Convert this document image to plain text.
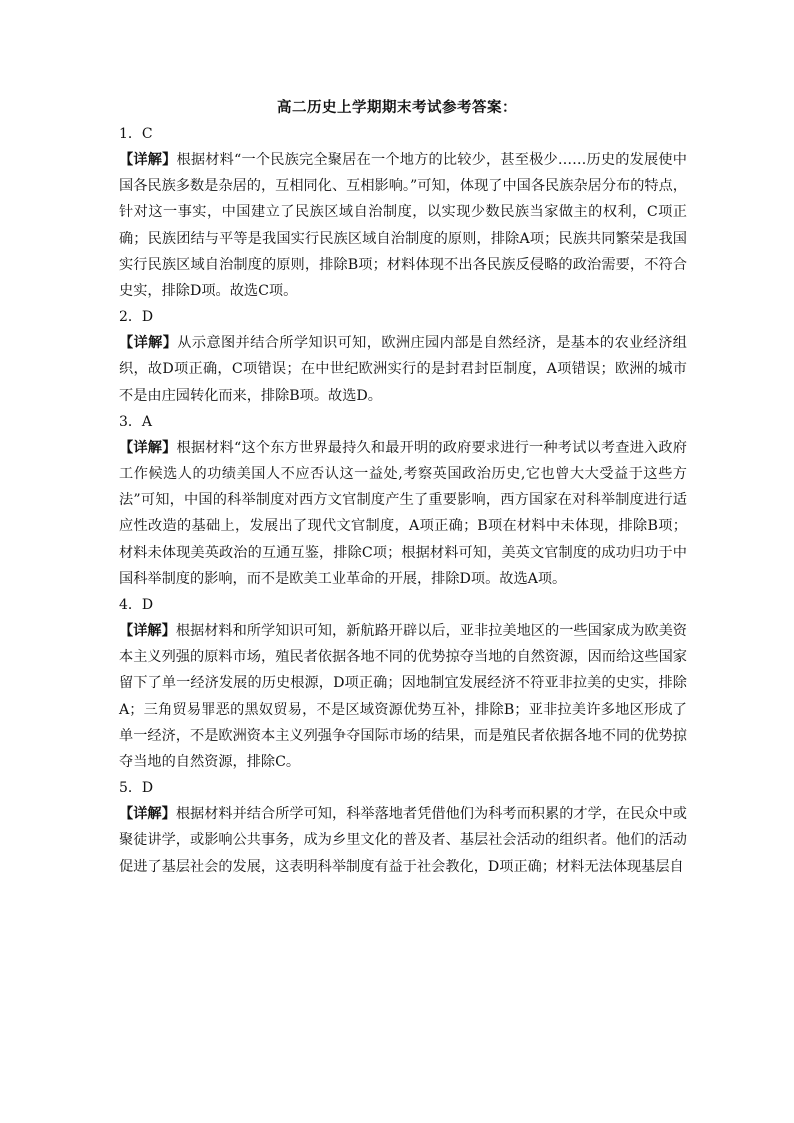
高二历史上学期期末考试参考答案：
1．C
【详解】根据材料“一个民族完全聚居在一个地方的比较少，甚至极少……历史的发展使中国各民族多数是杂居的，互相同化、互相影响。”可知，体现了中国各民族杂居分布的特点，针对这一事实，中国建立了民族区域自治制度，以实现少数民族当家做主的权利，C项正确；民族团结与平等是我国实行民族区域自治制度的原则，排除A项；民族共同繁荣是我国实行民族区域自治制度的原则，排除B项；材料体现不出各民族反侵略的政治需要，不符合史实，排除D项。故选C项。
2．D
【详解】从示意图并结合所学知识可知，欧洲庄园内部是自然经济，是基本的农业经济组织，故D项正确，C项错误；在中世纪欧洲实行的是封君封臣制度，A项错误；欧洲的城市不是由庄园转化而来，排除B项。故选D。
3．A
【详解】根据材料“这个东方世界最持久和最开明的政府要求进行一种考试以考查进入政府工作候选人的功绩美国人不应否认这一益处,考察英国政治历史,它也曾大大受益于这些方法”可知，中国的科举制度对西方文官制度产生了重要影响，西方国家在对科举制度进行适应性改造的基础上，发展出了现代文官制度，A项正确；B项在材料中未体现，排除B项；材料未体现美英政治的互通互鉴，排除C项；根据材料可知，美英文官制度的成功归功于中国科举制度的影响，而不是欧美工业革命的开展，排除D项。故选A项。
4．D
【详解】根据材料和所学知识可知，新航路开辟以后，亚非拉美地区的一些国家成为欧美资本主义列强的原料市场，殖民者依据各地不同的优势掠夺当地的自然资源，因而给这些国家留下了单一经济发展的历史根源，D项正确；因地制宜发展经济不符亚非拉美的史实，排除A；三角贸易罪恶的黑奴贸易，不是区域资源优势互补，排除B；亚非拉美许多地区形成了单一经济，不是欧洲资本主义列强争夺国际市场的结果，而是殖民者依据各地不同的优势掠夺当地的自然资源，排除C。
5．D
【详解】根据材料并结合所学可知，科举落地者凭借他们为科考而积累的才学，在民众中或聚徒讲学，或影响公共事务，成为乡里文化的普及者、基层社会活动的组织者。他们的活动促进了基层社会的发展，这表明科举制度有益于社会教化，D项正确；材料无法体现基层自
